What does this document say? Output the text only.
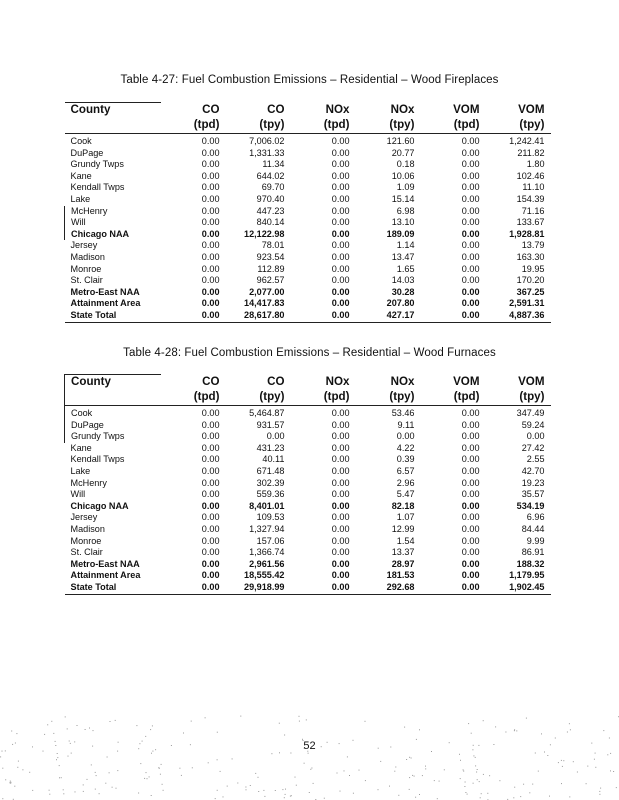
Table 4-27: Fuel Combustion Emissions – Residential – Wood Fireplaces
County	CO	CO	NOx	NOx	VOM	VOM
	(tpd)	(tpy)	(tpd)	(tpy)	(tpd)	(tpy)
Cook	0.00	7,006.02	0.00	121.60	0.00	1,242.41
DuPage	0.00	1,331.33	0.00	20.77	0.00	211.82
Grundy Twps	0.00	11.34	0.00	0.18	0.00	1.80
Kane	0.00	644.02	0.00	10.06	0.00	102.46
Kendall Twps	0.00	69.70	0.00	1.09	0.00	11.10
Lake	0.00	970.40	0.00	15.14	0.00	154.39
McHenry	0.00	447.23	0.00	6.98	0.00	71.16
Will	0.00	840.14	0.00	13.10	0.00	133.67
Chicago NAA	0.00	12,122.98	0.00	189.09	0.00	1,928.81
Jersey	0.00	78.01	0.00	1.14	0.00	13.79
Madison	0.00	923.54	0.00	13.47	0.00	163.30
Monroe	0.00	112.89	0.00	1.65	0.00	19.95
St. Clair	0.00	962.57	0.00	14.03	0.00	170.20
Metro-East NAA	0.00	2,077.00	0.00	30.28	0.00	367.25
Attainment Area	0.00	14,417.83	0.00	207.80	0.00	2,591.31
State Total	0.00	28,617.80	0.00	427.17	0.00	4,887.36
Table 4-28: Fuel Combustion Emissions – Residential – Wood Furnaces
County	CO	CO	NOx	NOx	VOM	VOM
	(tpd)	(tpy)	(tpd)	(tpy)	(tpd)	(tpy)
Cook	0.00	5,464.87	0.00	53.46	0.00	347.49
DuPage	0.00	931.57	0.00	9.11	0.00	59.24
Grundy Twps	0.00	0.00	0.00	0.00	0.00	0.00
Kane	0.00	431.23	0.00	4.22	0.00	27.42
Kendall Twps	0.00	40.11	0.00	0.39	0.00	2.55
Lake	0.00	671.48	0.00	6.57	0.00	42.70
McHenry	0.00	302.39	0.00	2.96	0.00	19.23
Will	0.00	559.36	0.00	5.47	0.00	35.57
Chicago NAA	0.00	8,401.01	0.00	82.18	0.00	534.19
Jersey	0.00	109.53	0.00	1.07	0.00	6.96
Madison	0.00	1,327.94	0.00	12.99	0.00	84.44
Monroe	0.00	157.06	0.00	1.54	0.00	9.99
St. Clair	0.00	1,366.74	0.00	13.37	0.00	86.91
Metro-East NAA	0.00	2,961.56	0.00	28.97	0.00	188.32
Attainment Area	0.00	18,555.42	0.00	181.53	0.00	1,179.95
State Total	0.00	29,918.99	0.00	292.68	0.00	1,902.45
52
